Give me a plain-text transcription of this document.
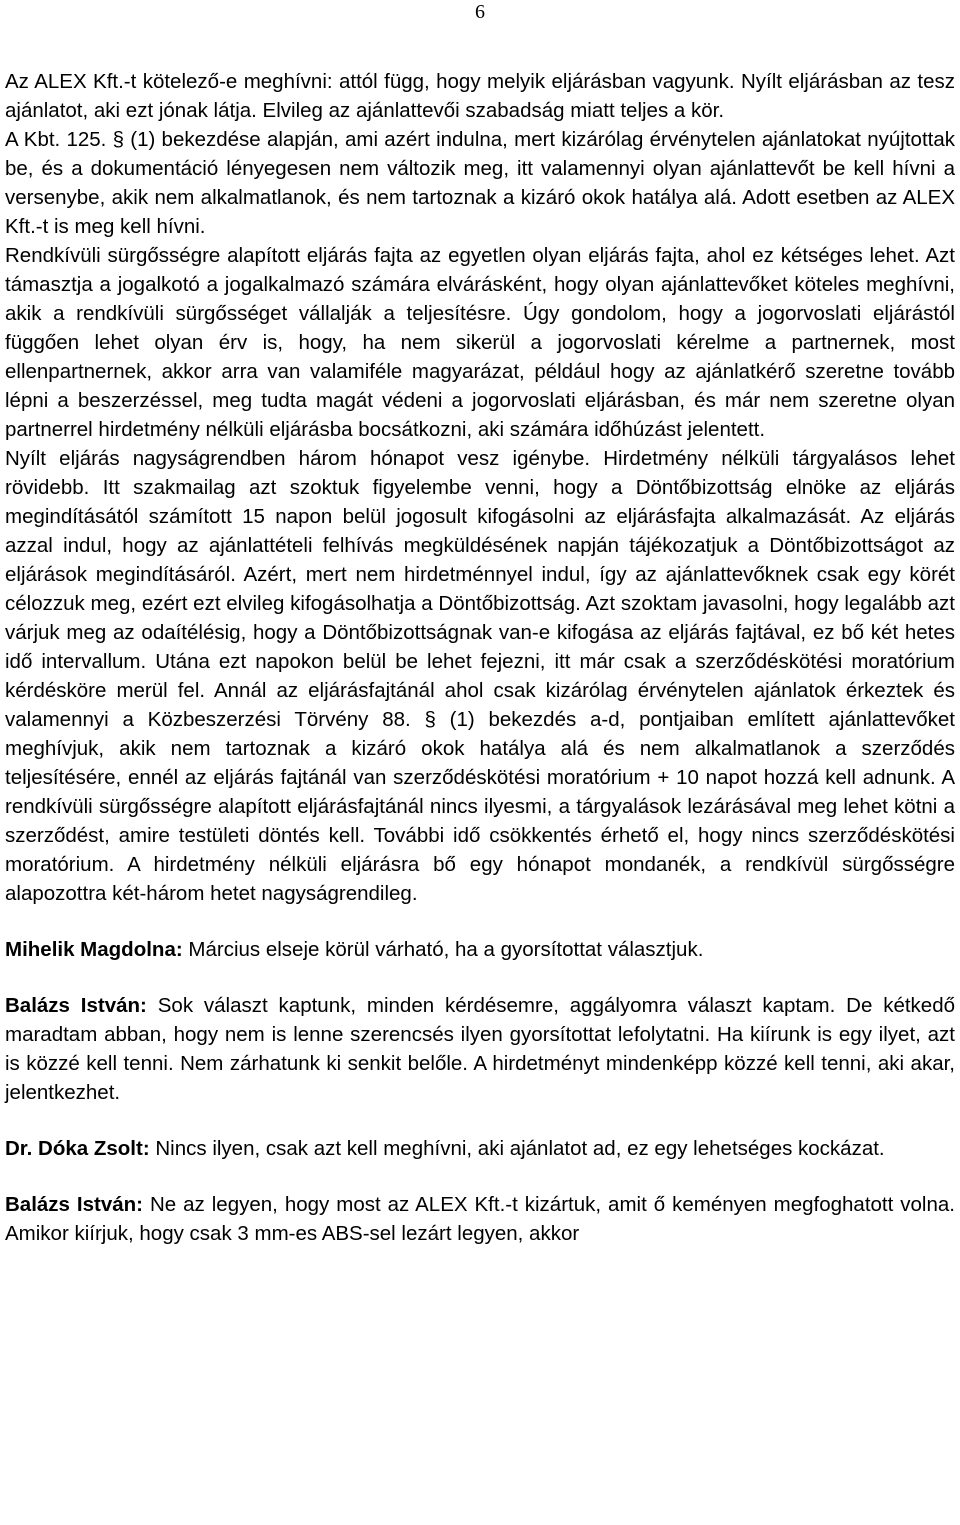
6

Az ALEX Kft.-t kötelező-e meghívni: attól függ, hogy melyik eljárásban vagyunk. Nyílt eljárásban az tesz ajánlatot, aki ezt jónak látja. Elvileg az ajánlattevői szabadság miatt teljes a kör.

A Kbt. 125. § (1) bekezdése alapján, ami azért indulna, mert kizárólag érvénytelen ajánlatokat nyújtottak be, és a dokumentáció lényegesen nem változik meg, itt valamennyi olyan ajánlattevőt be kell hívni a versenybe, akik nem alkalmatlanok, és nem tartoznak a kizáró okok hatálya alá. Adott esetben az ALEX Kft.-t is meg kell hívni.

Rendkívüli sürgősségre alapított eljárás fajta az egyetlen olyan eljárás fajta, ahol ez kétséges lehet. Azt támasztja a jogalkotó a jogalkalmazó számára elvárásként, hogy olyan ajánlattevőket köteles meghívni, akik a rendkívüli sürgősséget vállalják a teljesítésre. Úgy gondolom, hogy a jogorvoslati eljárástól függően lehet olyan érv is, hogy, ha nem sikerül a jogorvoslati kérelme a partnernek, most ellenpartnernek, akkor arra van valamiféle magyarázat, például hogy az ajánlatkérő szeretne tovább lépni a beszerzéssel, meg tudta magát védeni a jogorvoslati eljárásban, és már nem szeretne olyan partnerrel hirdetmény nélküli eljárásba bocsátkozni, aki számára időhúzást jelentett.

Nyílt eljárás nagyságrendben három hónapot vesz igénybe. Hirdetmény nélküli tárgyalásos lehet rövidebb. Itt szakmailag azt szoktuk figyelembe venni, hogy a Döntőbizottság elnöke az eljárás megindításától számított 15 napon belül jogosult kifogásolni az eljárásfajta alkalmazását. Az eljárás azzal indul, hogy az ajánlattételi felhívás megküldésének napján tájékozatjuk a Döntőbizottságot az eljárások megindításáról. Azért, mert nem hirdetménnyel indul, így az ajánlattevőknek csak egy körét célozzuk meg, ezért ezt elvileg kifogásolhatja a Döntőbizottság. Azt szoktam javasolni, hogy legalább azt várjuk meg az odaítélésig, hogy a Döntőbizottságnak van-e kifogása az eljárás fajtával, ez bő két hetes idő intervallum. Utána ezt napokon belül be lehet fejezni, itt már csak a szerződéskötési moratórium kérdésköre merül fel. Annál az eljárásfajtánál ahol csak kizárólag érvénytelen ajánlatok érkeztek és valamennyi a Közbeszerzési Törvény 88. § (1) bekezdés a-d, pontjaiban említett ajánlattevőket meghívjuk, akik nem tartoznak a kizáró okok hatálya alá és nem alkalmatlanok a szerződés teljesítésére, ennél az eljárás fajtánál van szerződéskötési moratórium + 10 napot hozzá kell adnunk. A rendkívüli sürgősségre alapított eljárásfajtánál nincs ilyesmi, a tárgyalások lezárásával meg lehet kötni a szerződést, amire testületi döntés kell. További idő csökkentés érhető el, hogy nincs szerződéskötési moratórium. A hirdetmény nélküli eljárásra bő egy hónapot mondanék, a rendkívül sürgősségre alapozottra két-három hetet nagyságrendileg.

Mihelik Magdolna: Március elseje körül várható, ha a gyorsítottat választjuk.

Balázs István: Sok választ kaptunk, minden kérdésemre, aggályomra választ kaptam. De kétkedő maradtam abban, hogy nem is lenne szerencsés ilyen gyorsítottat lefolytatni. Ha kiírunk is egy ilyet, azt is közzé kell tenni. Nem zárhatunk ki senkit belőle. A hirdetményt mindenképp közzé kell tenni, aki akar, jelentkezhet.

Dr. Dóka Zsolt: Nincs ilyen, csak azt kell meghívni, aki ajánlatot ad, ez egy lehetséges kockázat.

Balázs István: Ne az legyen, hogy most az ALEX Kft.-t kizártuk, amit ő keményen megfoghatott volna. Amikor kiírjuk, hogy csak 3 mm-es ABS-sel lezárt legyen, akkor
